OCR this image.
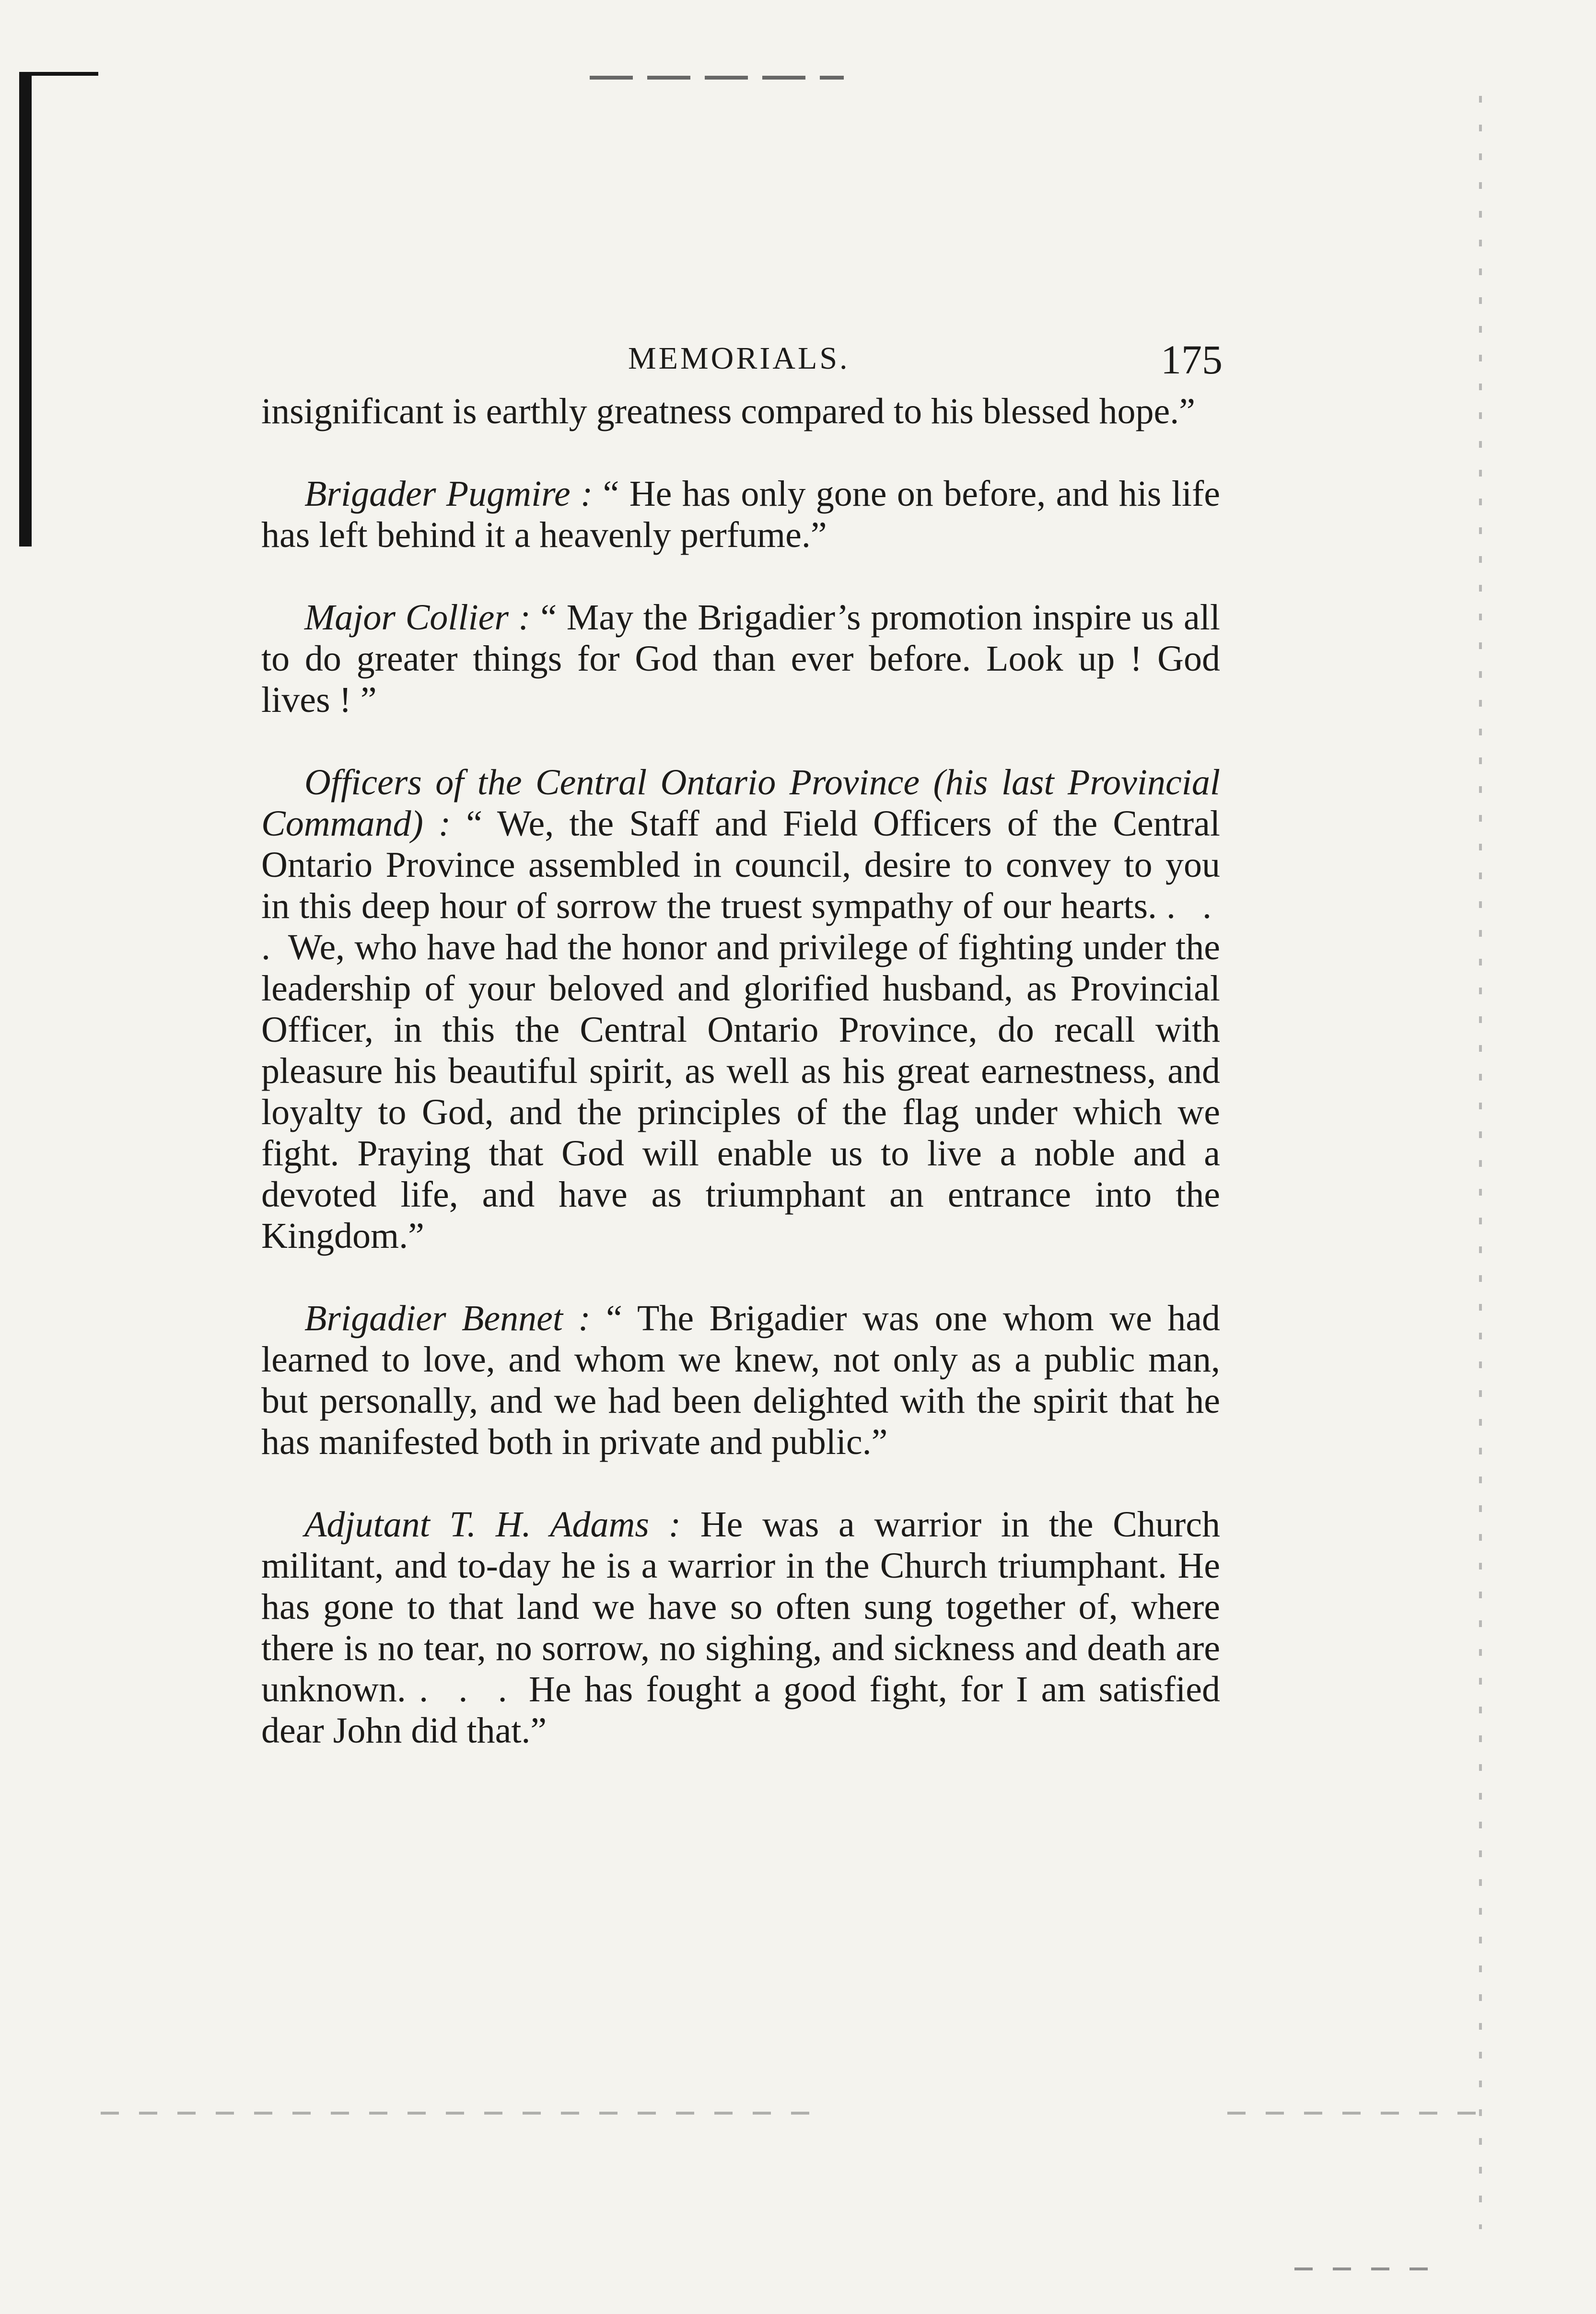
MEMORIALS.	175

insignificant is earthly greatness compared to his blessed hope.”

Brigader Pugmire : “ He has only gone on before, and his life has left behind it a heavenly perfume.”

Major Collier : “ May the Brigadier’s promotion inspire us all to do greater things for God than ever before. Look up ! God lives ! ”

Officers of the Central Ontario Province (his last Provincial Command) : “ We, the Staff and Field Officers of the Central Ontario Province assembled in council, desire to convey to you in this deep hour of sorrow the truest sympathy of our hearts. . . . We, who have had the honor and privilege of fighting under the leadership of your beloved and glorified husband, as Provincial Officer, in this the Central Ontario Province, do recall with pleasure his beautiful spirit, as well as his great earnestness, and loyalty to God, and the principles of the flag under which we fight. Praying that God will enable us to live a noble and a devoted life, and have as triumphant an entrance into the Kingdom.”

Brigadier Bennet : “ The Brigadier was one whom we had learned to love, and whom we knew, not only as a public man, but personally, and we had been delighted with the spirit that he has manifested both in private and public.”

Adjutant T. H. Adams : He was a warrior in the Church militant, and to-day he is a warrior in the Church triumphant. He has gone to that land we have so often sung together of, where there is no tear, no sorrow, no sighing, and sickness and death are unknown. . . . He has fought a good fight, for I am satisfied dear John did that.”
